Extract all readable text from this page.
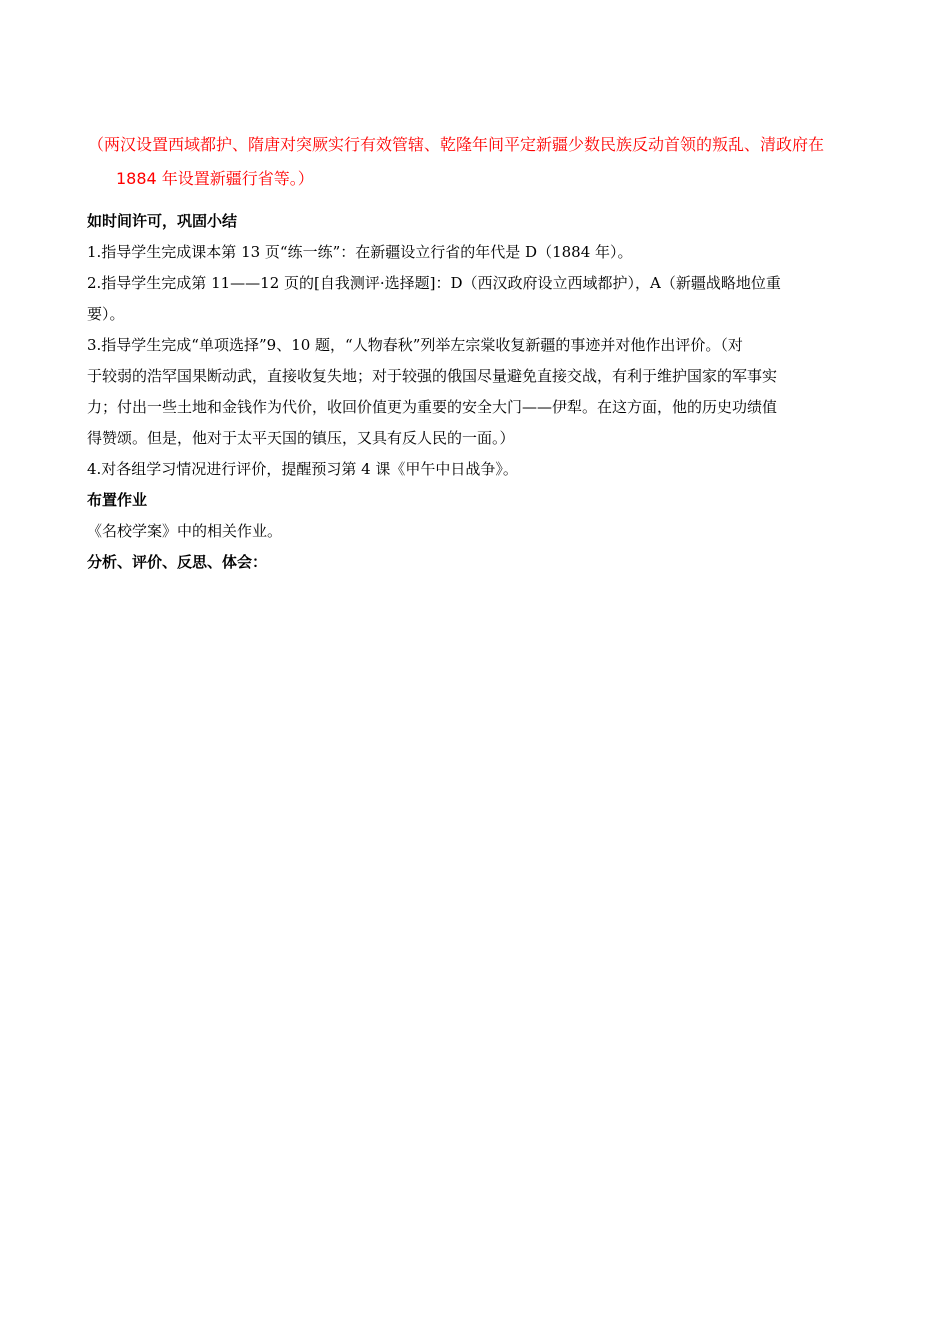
（两汉设置西域都护、隋唐对突厥实行有效管辖、乾隆年间平定新疆少数民族反动首领的叛乱、清政府在
1884 年设置新疆行省等。）

如时间许可，巩固小结

1.指导学生完成课本第 13 页“练一练”：在新疆设立行省的年代是 D（1884 年）。

2.指导学生完成第 11——12 页的[自我测评·选择题]：D（西汉政府设立西域都护），A（新疆战略地位重
要）。

3.指导学生完成“单项选择”9、10 题，“人物春秋”列举左宗棠收复新疆的事迹并对他作出评价。（对
于较弱的浩罕国果断动武，直接收复失地；对于较强的俄国尽量避免直接交战，有利于维护国家的军事实
力；付出一些土地和金钱作为代价，收回价值更为重要的安全大门——伊犁。在这方面，他的历史功绩值
得赞颂。但是，他对于太平天国的镇压，又具有反人民的一面。）

4.对各组学习情况进行评价，提醒预习第 4 课《甲午中日战争》。

布置作业

《名校学案》中的相关作业。

分析、评价、反思、体会：
